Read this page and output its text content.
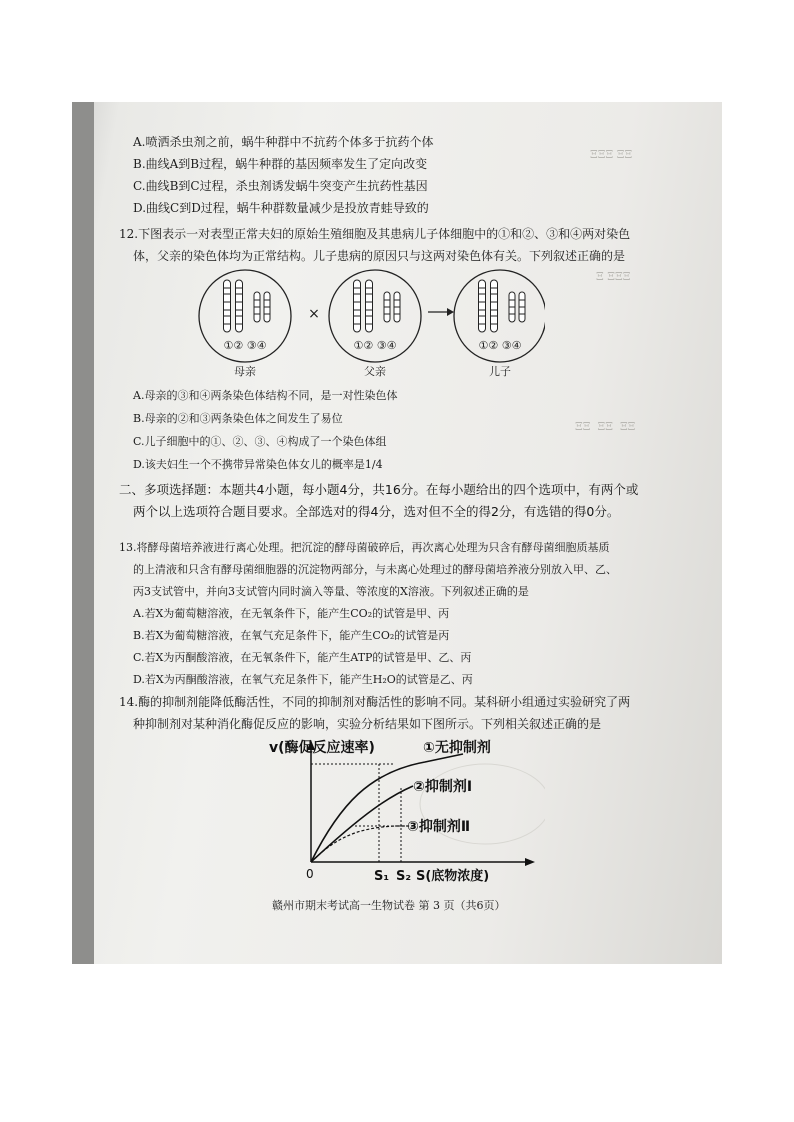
ΞΞΞ ΞΞ
Ξ ΞΞΞ
ΞΞ  ΞΞ  ΞΞ
A.喷洒杀虫剂之前，蜗牛种群中不抗药个体多于抗药个体
B.曲线A到B过程，蜗牛种群的基因频率发生了定向改变
C.曲线B到C过程，杀虫剂诱发蜗牛突变产生抗药性基因
D.曲线C到D过程，蜗牛种群数量减少是投放青蛙导致的
12.下图表示一对表型正常夫妇的原始生殖细胞及其患病儿子体细胞中的①和②、③和④两对染色
体，父亲的染色体均为正常结构。儿子患病的原因只与这两对染色体有关。下列叙述正确的是
①② ③④
×
①② ③④	①② ③④
母亲	父亲	儿子
A.母亲的③和④两条染色体结构不同，是一对性染色体
B.母亲的②和③两条染色体之间发生了易位
C.儿子细胞中的①、②、③、④构成了一个染色体组
D.该夫妇生一个不携带异常染色体女儿的概率是1/4
二、多项选择题：本题共4小题，每小题4分，共16分。在每小题给出的四个选项中，有两个或
两个以上选项符合题目要求。全部选对的得4分，选对但不全的得2分，有选错的得0分。
13.将酵母菌培养液进行离心处理。把沉淀的酵母菌破碎后，再次离心处理为只含有酵母菌细胞质基质
的上清液和只含有酵母菌细胞器的沉淀物两部分，与未离心处理过的酵母菌培养液分别放入甲、乙、
丙3支试管中，并向3支试管内同时滴入等量、等浓度的X溶液。下列叙述正确的是
A.若X为葡萄糖溶液，在无氧条件下，能产生CO₂的试管是甲、丙
B.若X为葡萄糖溶液，在氧气充足条件下，能产生CO₂的试管是丙
C.若X为丙酮酸溶液，在无氧条件下，能产生ATP的试管是甲、乙、丙
D.若X为丙酮酸溶液，在氧气充足条件下，能产生H₂O的试管是乙、丙
14.酶的抑制剂能降低酶活性，不同的抑制剂对酶活性的影响不同。某科研小组通过实验研究了两
种抑制剂对某种消化酶促反应的影响，实验分析结果如下图所示。下列相关叙述正确的是
v(酶促反应速率)	①无抑制剂
②抑制剂Ⅰ
③抑制剂Ⅱ
0	S₁ S₂ S(底物浓度)
赣州市期末考试高一生物试卷 第 3 页（共6页）
